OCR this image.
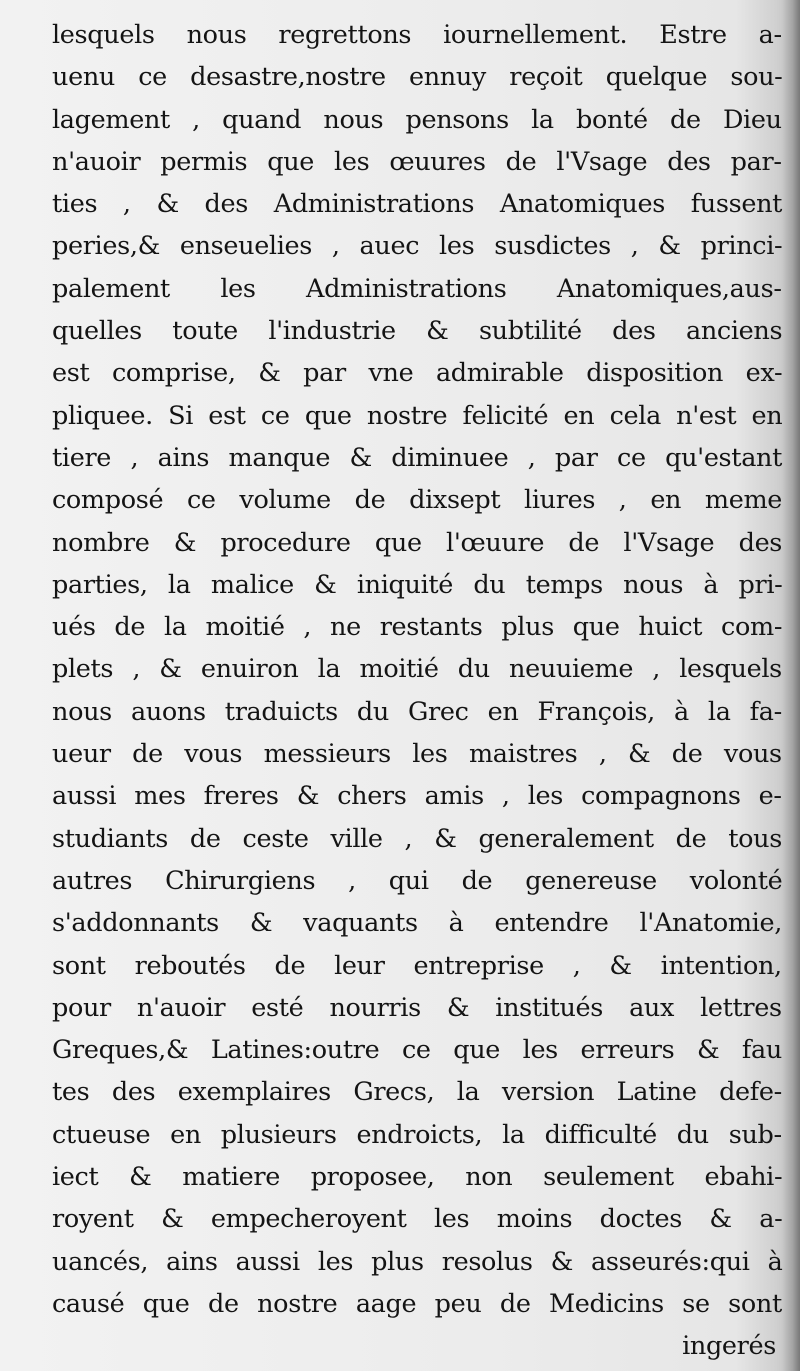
lesquels nous regrettons iournellement. Estre a-
uenu ce desastre,nostre ennuy reçoit quelque sou-
lagement , quand nous pensons la bonté de Dieu
n'auoir permis que les œuures de l'Vsage des par-
ties , & des Administrations Anatomiques fussent
peries,& enseuelies , auec les susdictes , & princi-
palement les Administrations Anatomiques,aus-
quelles toute l'industrie & subtilité des anciens
est comprise, & par vne admirable disposition ex-
pliquee. Si est ce que nostre felicité en cela n'est en
tiere , ains manque & diminuee , par ce qu'estant
composé ce volume de dixsept liures , en meme
nombre & procedure que l'œuure de l'Vsage des
parties, la malice & iniquité du temps nous à pri-
ués de la moitié , ne restants plus que huict com-
plets , & enuiron la moitié du neuuieme , lesquels
nous auons traduicts du Grec en François, à la fa-
ueur de vous messieurs les maistres , & de vous
aussi mes freres & chers amis , les compagnons e-
studiants de ceste ville , & generalement de tous
autres Chirurgiens , qui de genereuse volonté
s'addonnants & vaquants à entendre l'Anatomie,
sont reboutés de leur entreprise , & intention,
pour n'auoir esté nourris & institués aux lettres
Greques,& Latines:outre ce que les erreurs & fau
tes des exemplaires Grecs, la version Latine defe-
ctueuse en plusieurs endroicts, la difficulté du sub-
iect & matiere proposee, non seulement ebahi-
royent & empecheroyent les moins doctes & a-
uancés, ains aussi les plus resolus & asseurés:qui à
causé que de nostre aage peu de Medicins se sont
ingerés
